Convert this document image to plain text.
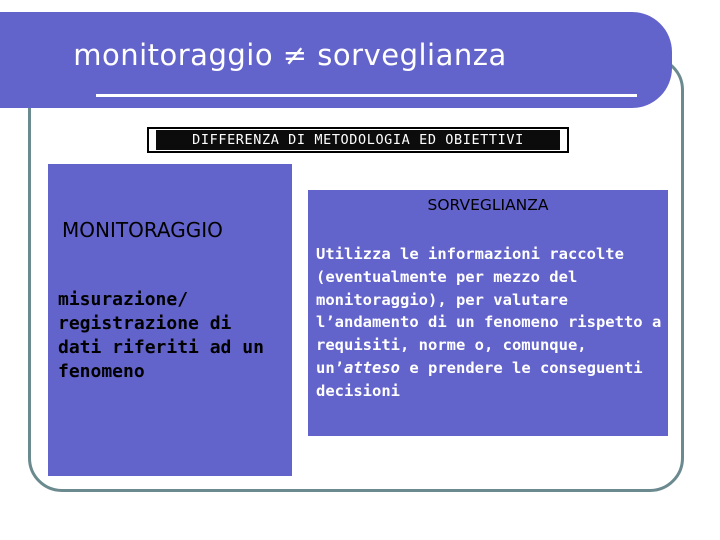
monitoraggio ≠ sorveglianza
DIFFERENZA DI METODOLOGIA ED OBIETTIVI
MONITORAGGIO
misurazione/
registrazione di
dati riferiti ad un
fenomeno
SORVEGLIANZA
Utilizza le informazioni raccolte (eventualmente per mezzo del monitoraggio), per valutare l’andamento di un fenomeno rispetto a requisiti, norme o, comunque, un’atteso e prendere le conseguenti decisioni
